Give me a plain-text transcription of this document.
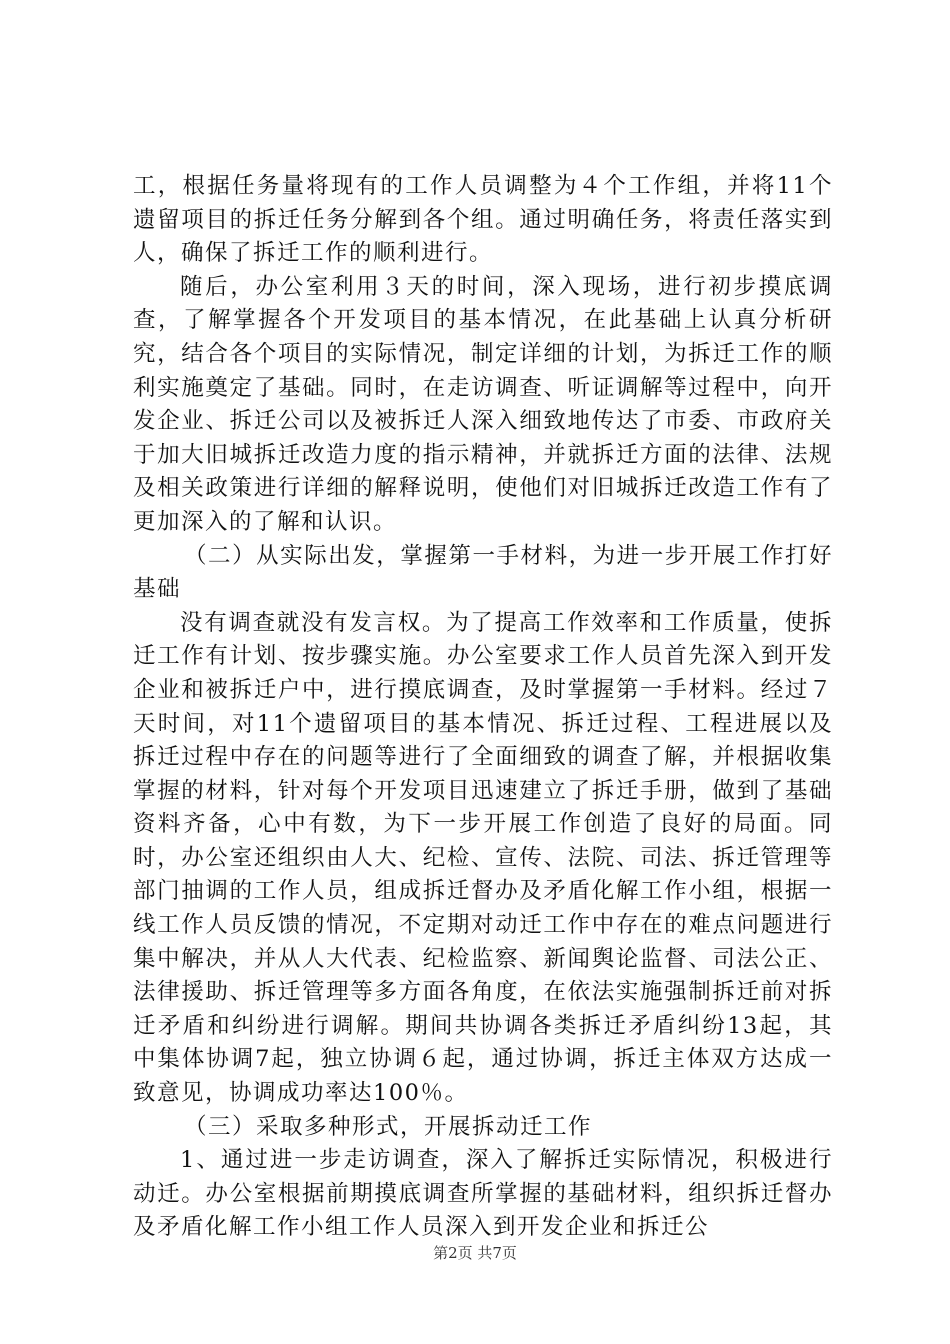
工，根据任务量将现有的工作人员调整为４个工作组，并将11个遗留项目的拆迁任务分解到各个组。通过明确任务，将责任落实到人，确保了拆迁工作的顺利进行。

随后，办公室利用３天的时间，深入现场，进行初步摸底调查，了解掌握各个开发项目的基本情况，在此基础上认真分析研究，结合各个项目的实际情况，制定详细的计划，为拆迁工作的顺利实施奠定了基础。同时，在走访调查、听证调解等过程中，向开发企业、拆迁公司以及被拆迁人深入细致地传达了市委、市政府关于加大旧城拆迁改造力度的指示精神，并就拆迁方面的法律、法规及相关政策进行详细的解释说明，使他们对旧城拆迁改造工作有了更加深入的了解和认识。

（二）从实际出发，掌握第一手材料，为进一步开展工作打好基础

没有调查就没有发言权。为了提高工作效率和工作质量，使拆迁工作有计划、按步骤实施。办公室要求工作人员首先深入到开发企业和被拆迁户中，进行摸底调查，及时掌握第一手材料。经过７天时间，对11个遗留项目的基本情况、拆迁过程、工程进展以及拆迁过程中存在的问题等进行了全面细致的调查了解，并根据收集掌握的材料，针对每个开发项目迅速建立了拆迁手册，做到了基础资料齐备，心中有数，为下一步开展工作创造了良好的局面。同时，办公室还组织由人大、纪检、宣传、法院、司法、拆迁管理等部门抽调的工作人员，组成拆迁督办及矛盾化解工作小组，根据一线工作人员反馈的情况，不定期对动迁工作中存在的难点问题进行集中解决，并从人大代表、纪检监察、新闻舆论监督、司法公正、法律援助、拆迁管理等多方面各角度，在依法实施强制拆迁前对拆迁矛盾和纠纷进行调解。期间共协调各类拆迁矛盾纠纷13起，其中集体协调7起，独立协调６起，通过协调，拆迁主体双方达成一致意见，协调成功率达100％。

（三）采取多种形式，开展拆动迁工作

1、通过进一步走访调查，深入了解拆迁实际情况，积极进行动迁。办公室根据前期摸底调查所掌握的基础材料，组织拆迁督办及矛盾化解工作小组工作人员深入到开发企业和拆迁公

第2页 共7页
